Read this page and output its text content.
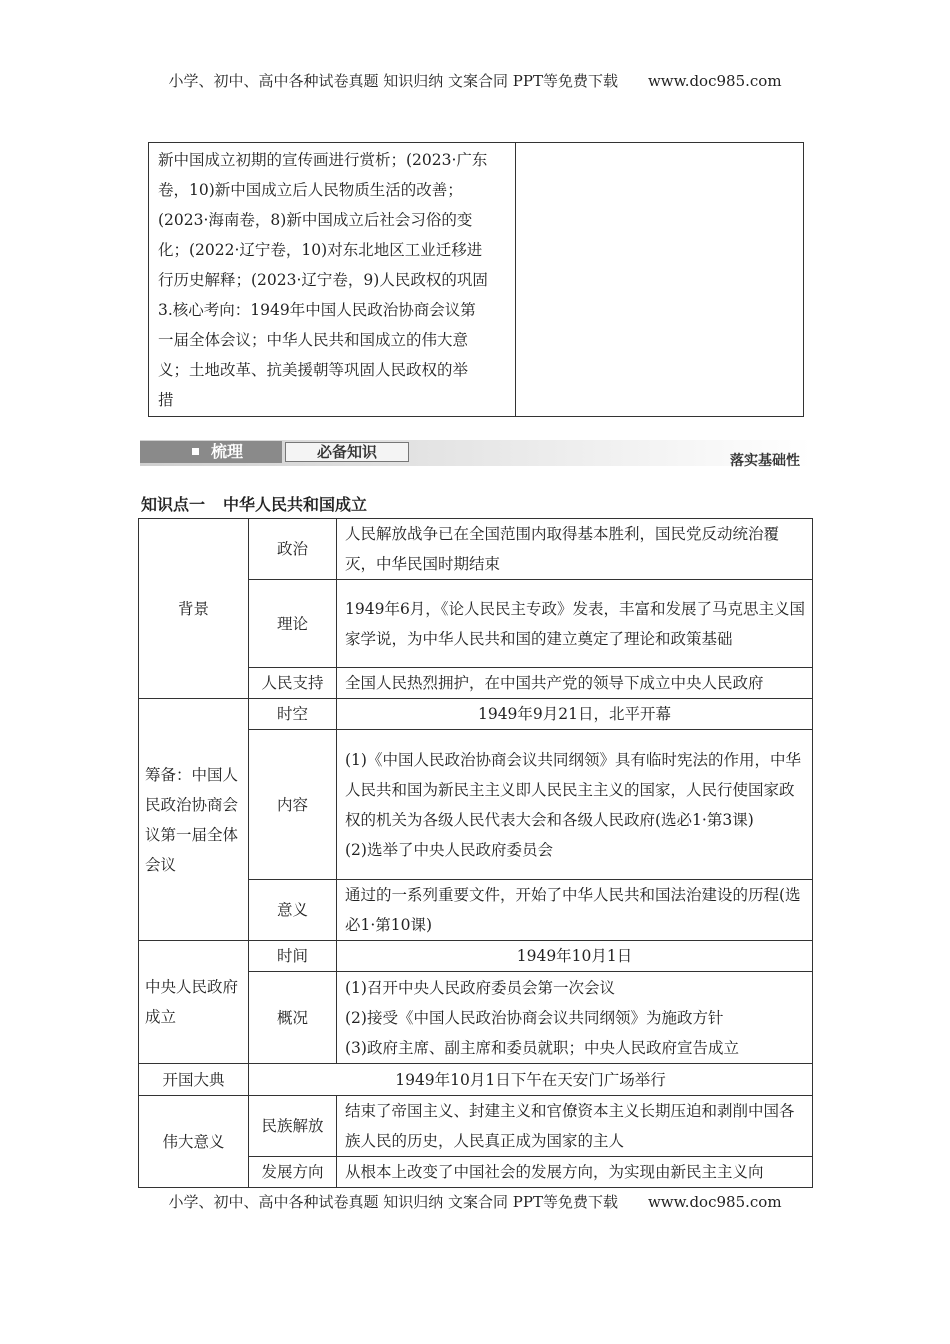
小学、初中、高中各种试卷真题 知识归纳 文案合同 PPT等免费下载 www.doc985.com
新中国成立初期的宣传画进行赏析；(2023·广东
卷，10)新中国成立后人民物质生活的改善；
(2023·海南卷，8)新中国成立后社会习俗的变
化；(2022·辽宁卷，10)对东北地区工业迁移进
行历史解释；(2023·辽宁卷，9)人民政权的巩固
3.核心考向：1949年中国人民政治协商会议第
一届全体会议；中华人民共和国成立的伟大意
义；土地改革、抗美援朝等巩固人民政权的举
措

梳理	必备知识	落实基础性
知识点一 中华人民共和国成立
背景	政治	人民解放战争已在全国范围内取得基本胜利，国民党反动统治覆灭，中华民国时期结束
	理论	1949年6月，《论人民民主专政》发表，丰富和发展了马克思主义国家学说，为中华人民共和国的建立奠定了理论和政策基础
	人民支持	全国人民热烈拥护，在中国共产党的领导下成立中央人民政府
筹备：中国人民政治协商会议第一届全体会议	时空	1949年9月21日，北平开幕
	内容	(1)《中国人民政治协商会议共同纲领》具有临时宪法的作用，中华人民共和国为新民主主义即人民民主主义的国家，人民行使国家政权的机关为各级人民代表大会和各级人民政府(选必1·第3课)
(2)选举了中央人民政府委员会

	意义	通过的一系列重要文件，开始了中华人民共和国法治建设的历程(选必1·第10课)
中央人民政府成立	时间	1949年10月1日
	概况	(1)召开中央人民政府委员会第一次会议
(2)接受《中国人民政治协商会议共同纲领》为施政方针
(3)政府主席、副主席和委员就职；中央人民政府宣告成立

开国大典	1949年10月1日下午在天安门广场举行	
伟大意义	民族解放	结束了帝国主义、封建主义和官僚资本主义长期压迫和剥削中国各族人民的历史，人民真正成为国家的主人
	发展方向	从根本上改变了中国社会的发展方向，为实现由新民主主义向
小学、初中、高中各种试卷真题 知识归纳 文案合同 PPT等免费下载 www.doc985.com
